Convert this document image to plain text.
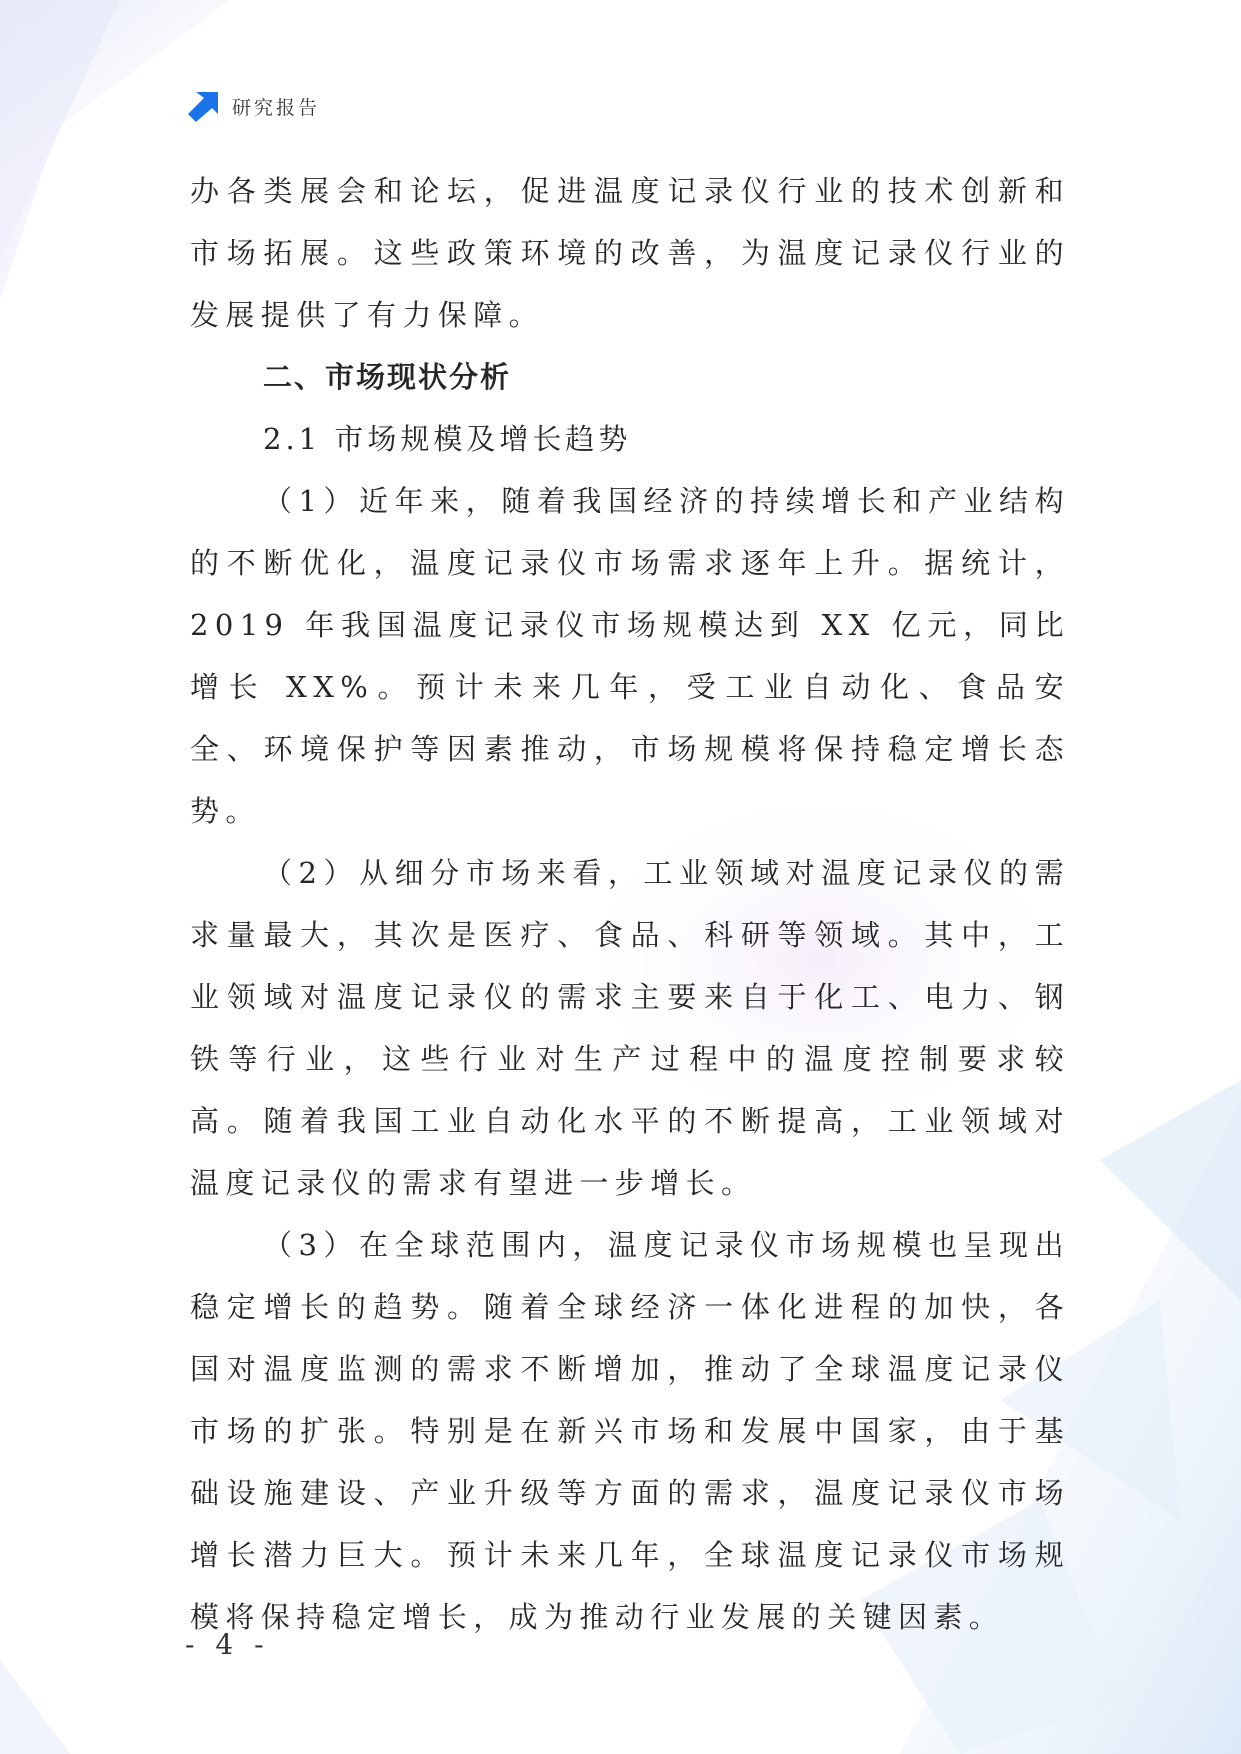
研究报告

办各类展会和论坛，促进温度记录仪行业的技术创新和市场拓展。这些政策环境的改善，为温度记录仪行业的发展提供了有力保障。

二、市场现状分析

2.1 市场规模及增长趋势

（1）近年来，随着我国经济的持续增长和产业结构的不断优化，温度记录仪市场需求逐年上升。据统计，2019 年我国温度记录仪市场规模达到 XX 亿元，同比增长 XX%。预计未来几年，受工业自动化、食品安全、环境保护等因素推动，市场规模将保持稳定增长态势。

（2）从细分市场来看，工业领域对温度记录仪的需求量最大，其次是医疗、食品、科研等领域。其中，工业领域对温度记录仪的需求主要来自于化工、电力、钢铁等行业，这些行业对生产过程中的温度控制要求较高。随着我国工业自动化水平的不断提高，工业领域对温度记录仪的需求有望进一步增长。

（3）在全球范围内，温度记录仪市场规模也呈现出稳定增长的趋势。随着全球经济一体化进程的加快，各国对温度监测的需求不断增加，推动了全球温度记录仪市场的扩张。特别是在新兴市场和发展中国家，由于基础设施建设、产业升级等方面的需求，温度记录仪市场增长潜力巨大。预计未来几年，全球温度记录仪市场规模将保持稳定增长，成为推动行业发展的关键因素。

- 4 -
